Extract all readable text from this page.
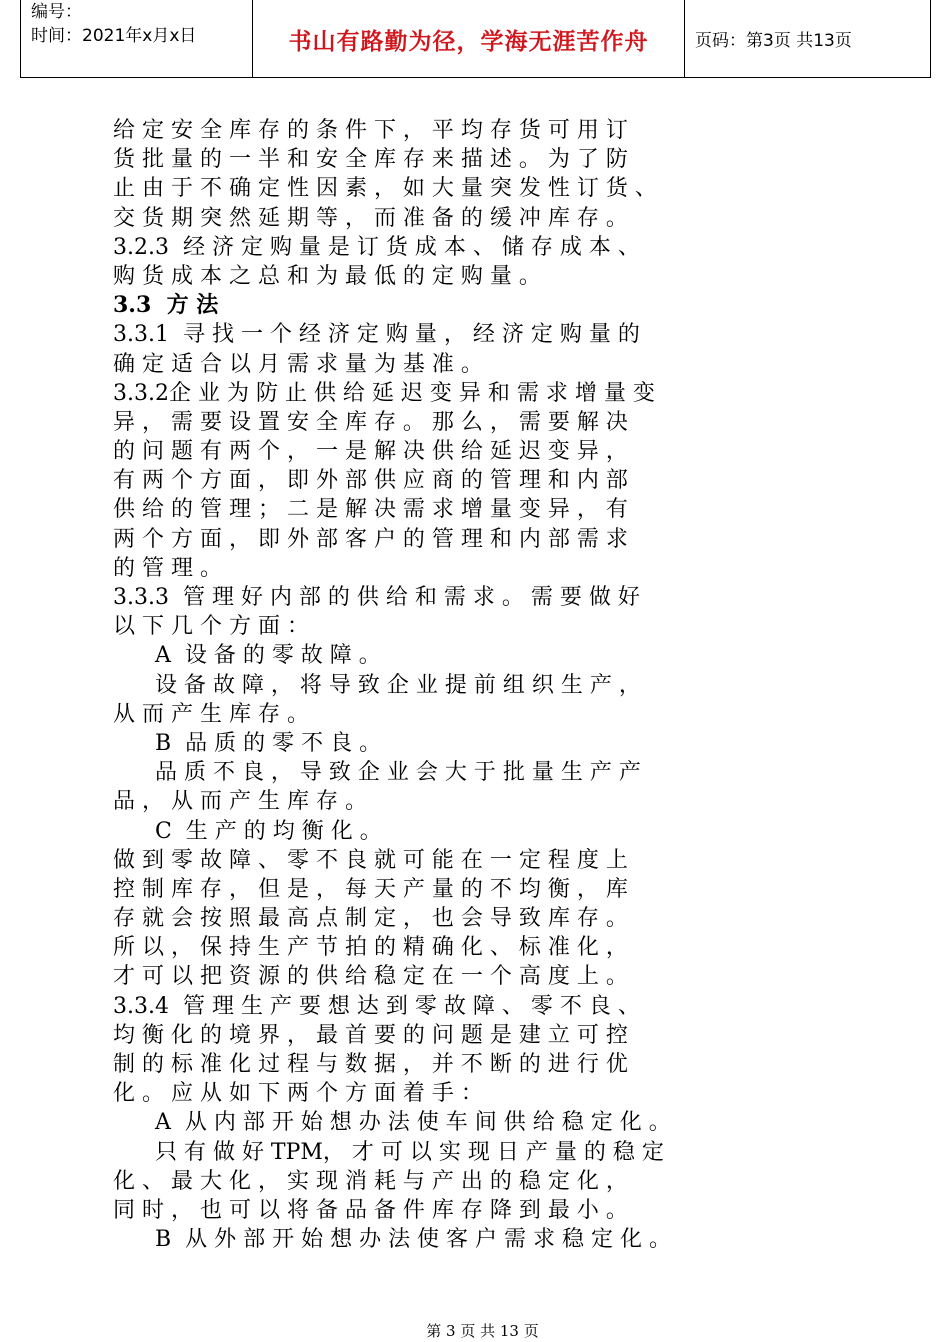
编号：
时间：2021年x月x日	书山有路勤为径，学海无涯苦作舟	页码：第3页 共13页
给 定 安 全 库 存 的 条 件 下 ， 平 均 存 货 可 用 订
货 批 量 的 一 半 和 安 全 库 存 来 描 述 。 为 了 防
止 由 于 不 确 定 性 因 素 ， 如 大 量 突 发 性 订 货 、
交 货 期 突 然 延 期 等 ， 而 准 备 的 缓 冲 库 存 。
3.2.3  经 济 定 购 量 是 订 货 成 本 、 储 存 成 本 、
购 货 成 本 之 总 和 为 最 低 的 定 购 量 。
3.3  方 法
3.3.1  寻 找 一 个 经 济 定 购 量 ， 经 济 定 购 量 的
确 定 适 合 以 月 需 求 量 为 基 准 。
3.3.2企 业 为 防 止 供 给 延 迟 变 异 和 需 求 增 量 变
异 ， 需 要 设 置 安 全 库 存 。 那 么 ， 需 要 解 决
的 问 题 有 两 个 ， 一 是 解 决 供 给 延 迟 变 异 ，
有 两 个 方 面 ， 即 外 部 供 应 商 的 管 理 和 内 部
供 给 的 管 理 ； 二 是 解 决 需 求 增 量 变 异 ， 有
两 个 方 面 ， 即 外 部 客 户 的 管 理 和 内 部 需 求
的 管 理 。
3.3.3  管 理 好 内 部 的 供 给 和 需 求 。 需 要 做 好
以 下 几 个 方 面 ：
A  设 备 的 零 故 障 。
设 备 故 障 ， 将 导 致 企 业 提 前 组 织 生 产 ，
从 而 产 生 库 存 。
B  品 质 的 零 不 良 。
品 质 不 良 ， 导 致 企 业 会 大 于 批 量 生 产 产
品 ， 从 而 产 生 库 存 。
C  生 产 的 均 衡 化 。
做 到 零 故 障 、 零 不 良 就 可 能 在 一 定 程 度 上
控 制 库 存 ， 但 是 ， 每 天 产 量 的 不 均 衡 ， 库
存 就 会 按 照 最 高 点 制 定 ， 也 会 导 致 库 存 。
所 以 ， 保 持 生 产 节 拍 的 精 确 化 、 标 准 化 ，
才 可 以 把 资 源 的 供 给 稳 定 在 一 个 高 度 上 。
3.3.4  管 理 生 产 要 想 达 到 零 故 障 、 零 不 良 、
均 衡 化 的 境 界 ， 最 首 要 的 问 题 是 建 立 可 控
制 的 标 准 化 过 程 与 数 据 ， 并 不 断 的 进 行 优
化 。 应 从 如 下 两 个 方 面 着 手 ：
A  从 内 部 开 始 想 办 法 使 车 间 供 给 稳 定 化 。
只 有 做 好 TPM， 才 可 以 实 现 日 产 量 的 稳 定
化 、 最 大 化 ， 实 现 消 耗 与 产 出 的 稳 定 化 ，
同 时 ， 也 可 以 将 备 品 备 件 库 存 降 到 最 小 。
B  从 外 部 开 始 想 办 法 使 客 户 需 求 稳 定 化 。
第 3 页 共 13 页
